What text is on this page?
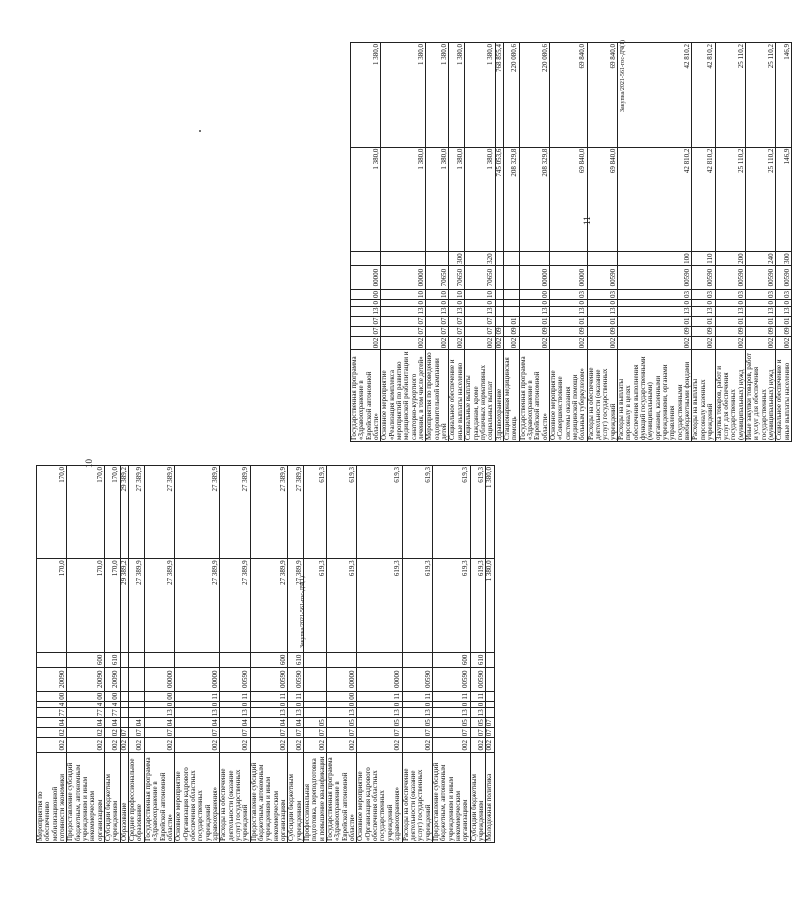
10
Мероприятия по обеспечению мобилизационной готовности экономики	002	02	04	77	4	00	20090		170,0	170,0
Предоставление субсидий бюджетным, автономным учреждениям и иным некоммерческим организациям	002	02	04	77	4	00	20090	600	170,0	170,0
Субсидии бюджетным учреждениям	002	02	04	77	4	00	20090	610	170,0	170,0
Образование	002	07							29 389,2	29 389,2
Среднее профессиональное образование	002	07	04						27 389,9	27 389,9
Государственная программа «Здравоохранение в Еврейской автономной области»	002	07	04	13	0	00	00000		27 389,9	27 389,9
Основное мероприятие «Организация кадрового обеспечения областных государственных учреждений здравоохранения»	002	07	04	13	0	11	00000		27 389,9	27 389,9
Расходы на обеспечение деятельности (оказание услуг) государственных учреждений	002	07	04	13	0	11	00590		27 389,9	27 389,9
Предоставление субсидий бюджетным, автономным учреждениям и иным некоммерческим организациям	002	07	04	13	0	11	00590	600	27 389,9	27 389,9
Субсидии бюджетным учреждениям	002	07	04	13	0	11	00590	610	27 389,9	27 389,9
Профессиональная подготовка, переподготовка и повышение квалификации	002	07	05						619,3	619,3
Государственная программа «Здравоохранение в Еврейской автономной области»	002	07	05	13	0	00	00000		619,3	619,3
Основное мероприятие «Организация кадрового обеспечения областных государственных учреждений здравоохранения»	002	07	05	13	0	11	00000		619,3	619,3
Расходы на обеспечение деятельности (оказание услуг) государственных учреждений	002	07	05	13	0	11	00590		619,3	619,3
Предоставление субсидий бюджетным, автономным учреждениям и иным некоммерческим организациям	002	07	05	13	0	11	00590	600	619,3	619,3
Субсидии бюджетным учреждениям	002	07	05	13	0	11	00590	610	619,3	619,3
Молодежная политика	002	07	07						1 380,0	1 380,0
Закупка/2021-561-гос-ДЧ(1)
11
Государственная программа «Здравоохранение в Еврейской автономной области»	002	07	07	13	0	00	00000		1 380,0	1 380,0
Основное мероприятие «Реализация комплекса мероприятий по развитию медицинской реабилитации и санаторно-курортного лечения, в том числе детей»	002	07	07	13	0	10	00000		1 380,0	1 380,0
Мероприятия по проведению оздоровительной кампании детей	002	07	07	13	0	10	70650		1 380,0	1 380,0
Социальное обеспечение и иные выплаты населению	002	07	07	13	0	10	70650	300	1 380,0	1 380,0
Социальные выплаты гражданам, кроме публичных нормативных социальных выплат	002	07	07	13	0	10	70650	320	1 380,0	1 380,0
Здравоохранение	002	09							745 053,6	768 855,4
Стационарная медицинская помощь	002	09	01						208 329,8	220 080,6
Государственная программа «Здравоохранение в Еврейской автономной области»	002	09	01	13	0	00	00000		208 329,8	220 080,6
Основное мероприятие «Совершенствование системы оказания медицинской помощи больным туберкулезом»	002	09	01	13	0	03	00000		69 840,0	69 840,0
Расходы на обеспечение деятельности (оказание услуг) государственных учреждений	002	09	01	13	0	03	00590		69 840,0	69 840,0
Расходы на выплаты персоналу в целях обеспечения выполнения функций государственными (муниципальными) органами, казенными учреждениями, органами управления государственными внебюджетными фондами	002	09	01	13	0	03	00590	100	42 810,2	42 810,2
Расходы на выплаты персоналу казенных учреждений	002	09	01	13	0	03	00590	110	42 810,2	42 810,2
Закупка товаров, работ и услуг для обеспечения государственных (муниципальных) нужд	002	09	01	13	0	03	00590	200	25 110,2	25 110,2
Иные закупки товаров, работ и услуг для обеспечения государственных (муниципальных) нужд	002	09	01	13	0	03	00590	240	25 110,2	25 110,2
Социальное обеспечение и иные выплаты населению	002	09	01	13	0	03	00590	300	146,9	146,9
Закупка/2021-561-гос-ДЧ(1)
